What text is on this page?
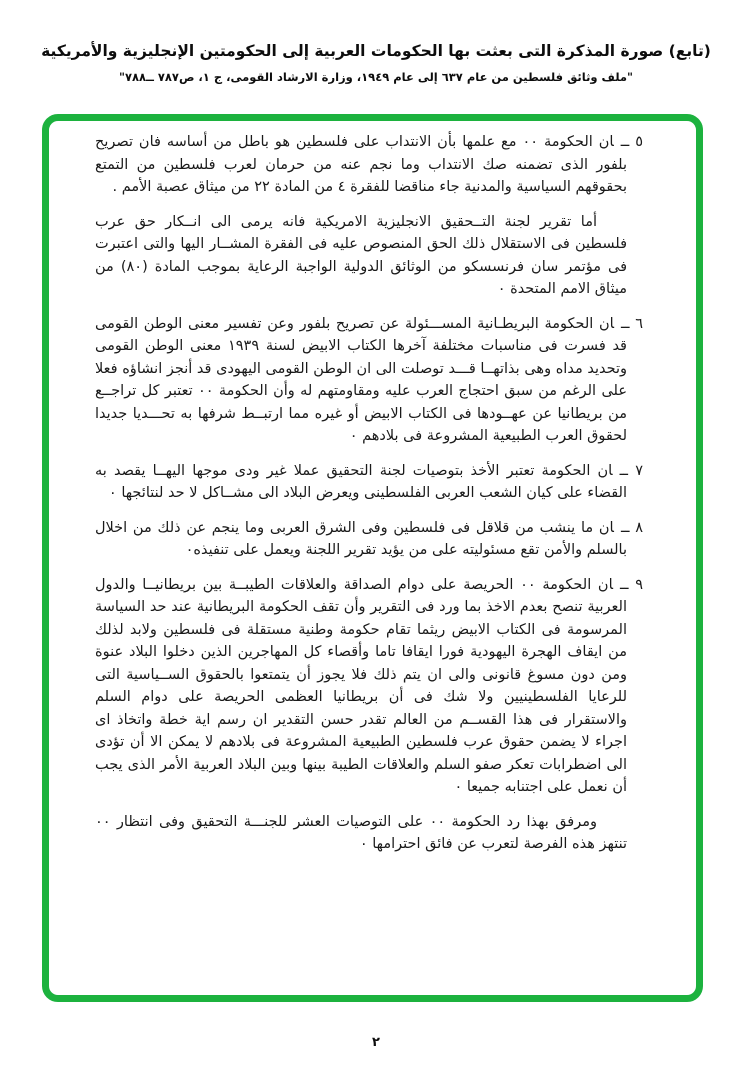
(تابع) صورة المذكرة التى بعثت بها الحكومات العربية إلى الحكومتين الإنجليزية والأمريكية
"ملف وثائق فلسطين من عام ٦٣٧ إلى عام ١٩٤٩، وزارة الارشاد القومى، ج ١، ص٧٨٧ ــ٧٨٨"

٥ ــان الحكومة ٠٠ مع علمها بأن الانتداب على فلسطين هو باطل من أساسه فان تصريح بلفور الذى تضمنه صك الانتداب وما نجم عنه من حرمان لعرب فلسطين من التمتع بحقوقهم السياسية والمدنية جاء مناقضا للفقرة ٤ من المادة ٢٢ من ميثاق عصبة الأمم .

أما تقرير لجنة التــحقيق الانجليزية الامريكية فانه يرمى الى انــكار حق عرب فلسطين فى الاستقلال ذلك الحق المنصوص عليه فى الفقرة المشــار اليها والتى اعتبرت فى مؤتمر سان فرنسسكو من الوثائق الدولية الواجبة الرعاية بموجب المادة (٨٠) من ميثاق الامم المتحدة ٠

٦ ــان الحكومة البريطـانية المســـئولة عن تصريح بلفور وعن تفسير معنى الوطن القومى قد فسرت فى مناسبات مختلفة آخرها الكتاب الابيض لسنة ١٩٣٩ معنى الوطن القومى وتحديد مداه وهى بذاتهــا قـــد توصلت الى ان الوطن القومى اليهودى قد أنجز انشاؤه فعلا على الرغم من سبق احتجاج العرب عليه ومقاومتهم له وأن الحكومة ٠٠ تعتبر كل تراجــع من بريطانيا عن عهــودها فى الكتاب الابيض أو غيره مما ارتبــط شرفها به تحـــديا جديدا لحقوق العرب الطبيعية المشروعة فى بلادهم ٠

٧ ــان الحكومة تعتبر الأخذ بتوصيات لجنة التحقيق عملا غير ودى موجها اليهــا يقصد به القضاء على كيان الشعب العربى الفلسطينى ويعرض البلاد الى مشــاكل لا حد لنتائجها ٠

٨ ــان ما ينشب من قلاقل فى فلسطين وفى الشرق العربى وما ينجم عن ذلك من اخلال بالسلم والأمن تقع مسئوليته على من يؤيد تقرير اللجنة ويعمل على تنفيذه٠

٩ ــان الحكومة ٠٠ الحريصة على دوام الصداقة والعلاقات الطيبــة بين بريطانيــا والدول العربية تنصح بعدم الاخذ بما ورد فى التقرير وأن تقف الحكومة البريطانية عند حد السياسة المرسومة فى الكتاب الابيض ريثما تقام حكومة وطنية مستقلة فى فلسطين ولابد لذلك من ايقاف الهجرة اليهودية فورا ايقافا تاما وأقصاء كل المهاجرين الذين دخلوا البلاد عنوة ومن دون مسوغ قانونى والى ان يتم ذلك فلا يجوز أن يتمتعوا بالحقوق الســياسية التى للرعايا الفلسطينيين ولا شك فى أن بريطانيا العظمى الحريصة على دوام السلم والاستقرار فى هذا القســم من العالم تقدر حسن التقدير ان رسم اية خطة واتخاذ اى اجراء لا يضمن حقوق عرب فلسطين الطبيعية المشروعة فى بلادهم لا يمكن الا أن تؤدى الى اضطرابات تعكر صفو السلم والعلاقات الطيبة بينها وبين البلاد العربية الأمر الذى يجب أن نعمل على اجتنابه جميعا ٠

ومرفق بهذا رد الحكومة ٠٠ على التوصيات العشر للجنـــة التحقيق وفى انتظار ٠٠ تنتهز هذه الفرصة لتعرب عن فائق احترامها ٠

٢
